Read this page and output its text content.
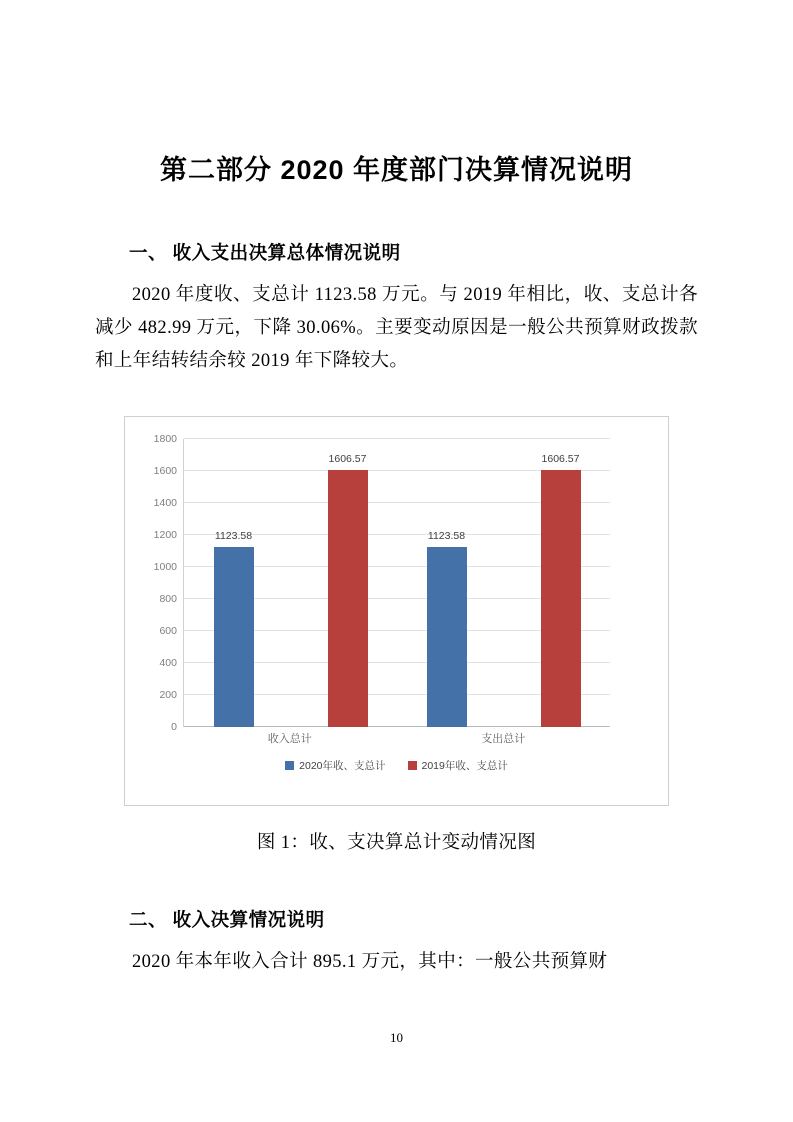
第二部分 2020 年度部门决算情况说明
一、 收入支出决算总体情况说明

2020 年度收、支总计 1123.58 万元。与 2019 年相比，收、支总计各减少 482.99 万元，下降 30.06%。主要变动原因是一般公共预算财政拨款和上年结转结余较 2019 年下降较大。

0
200
400
600
800
1000
1200
1400
1600
1800
1123.58
1606.57
1123.58
1606.57
收入总计	支出总计
2020年收、支总计	2019年收、支总计

图 1：收、支决算总计变动情况图

二、 收入决算情况说明

2020 年本年收入合计 895.1 万元，其中：一般公共预算财

10
